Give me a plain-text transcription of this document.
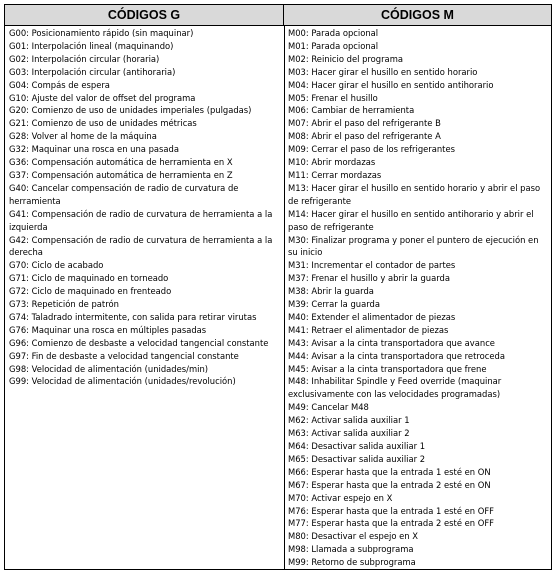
CÓDIGOS G	CÓDIGOS M
G00: Posicionamiento rápido (sin maquinar)
G01: Interpolación lineal (maquinando)
G02: Interpolación circular (horaria)
G03: Interpolación circular (antihoraria)
G04: Compás de espera
G10: Ajuste del valor de offset del programa
G20: Comienzo de uso de unidades imperiales (pulgadas)
G21: Comienzo de uso de unidades métricas
G28: Volver al home de la máquina
G32: Maquinar una rosca en una pasada
G36: Compensación automática de herramienta en X
G37: Compensación automática de herramienta en Z
G40: Cancelar compensación de radio de curvatura de herramienta
G41: Compensación de radio de curvatura de herramienta a la izquierda
G42: Compensación de radio de curvatura de herramienta a la derecha
G70: Ciclo de acabado
G71: Ciclo de maquinado en torneado
G72: Ciclo de maquinado en frenteado
G73: Repetición de patrón
G74: Taladrado intermitente, con salida para retirar virutas
G76: Maquinar una rosca en múltiples pasadas
G96: Comienzo de desbaste a velocidad tangencial constante
G97: Fin de desbaste a velocidad tangencial constante
G98: Velocidad de alimentación (unidades/min)
G99: Velocidad de alimentación (unidades/revolución)
M00: Parada opcional
M01: Parada opcional
M02: Reinicio del programa
M03: Hacer girar el husillo en sentido horario
M04: Hacer girar el husillo en sentido antihorario
M05: Frenar el husillo
M06: Cambiar de herramienta
M07: Abrir el paso del refrigerante B
M08: Abrir el paso del refrigerante A
M09: Cerrar el paso de los refrigerantes
M10: Abrir mordazas
M11: Cerrar mordazas
M13: Hacer girar el husillo en sentido horario y abrir el paso de refrigerante
M14: Hacer girar el husillo en sentido antihorario y abrir el paso de refrigerante
M30: Finalizar programa y poner el puntero de ejecución en su inicio
M31: Incrementar el contador de partes
M37: Frenar el husillo y abrir la guarda
M38: Abrir la guarda
M39: Cerrar la guarda
M40: Extender el alimentador de piezas
M41: Retraer el alimentador de piezas
M43: Avisar a la cinta transportadora que avance
M44: Avisar a la cinta transportadora que retroceda
M45: Avisar a la cinta transportadora que frene
M48: Inhabilitar Spindle y Feed override (maquinar exclusivamente con las velocidades programadas)
M49: Cancelar M48
M62: Activar salida auxiliar 1
M63: Activar salida auxiliar 2
M64: Desactivar salida auxiliar 1
M65: Desactivar salida auxiliar 2
M66: Esperar hasta que la entrada 1 esté en ON
M67: Esperar hasta que la entrada 2 esté en ON
M70: Activar espejo en X
M76: Esperar hasta que la entrada 1 esté en OFF
M77: Esperar hasta que la entrada 2 esté en OFF
M80: Desactivar el espejo en X
M98: Llamada a subprograma
M99: Retorno de subprograma
